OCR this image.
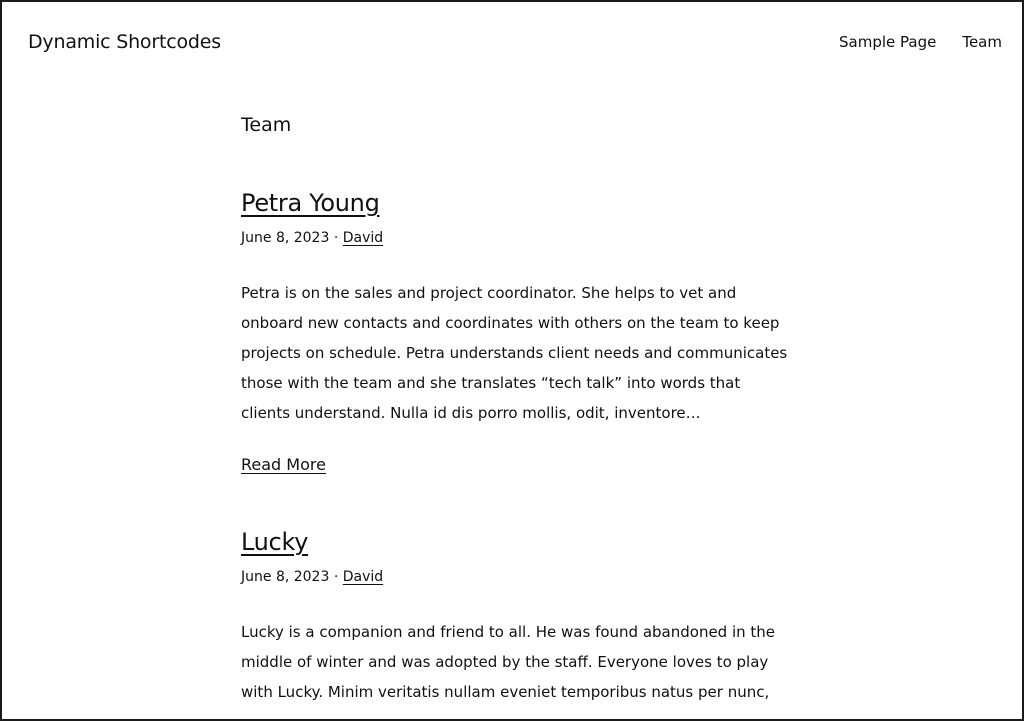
Dynamic Shortcodes	Sample Page Team
Team
Petra Young
June 8, 2023 · David

Petra is on the sales and project coordinator. She helps to vet and onboard new contacts and coordinates with others on the team to keep projects on schedule. Petra understands client needs and communicates those with the team and she translates “tech talk” into words that clients understand. Nulla id dis porro mollis, odit, inventore…

Read More
Lucky
June 8, 2023 · David

Lucky is a companion and friend to all. He was found abandoned in the middle of winter and was adopted by the staff. Everyone loves to play with Lucky. Minim veritatis nullam eveniet temporibus natus per nunc,
